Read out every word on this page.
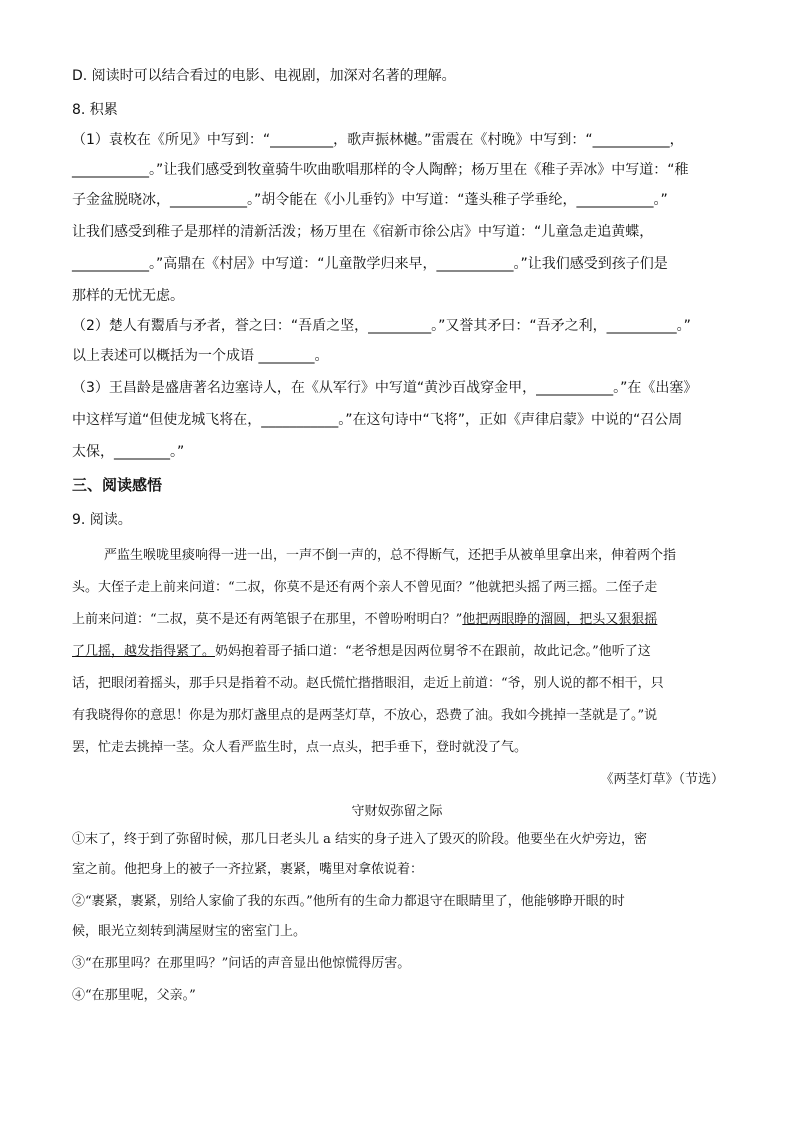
D. 阅读时可以结合看过的电影、电视剧，加深对名著的理解。
8. 积累
（1）袁枚在《所见》中写到：“_________，歌声振林樾。”雷震在《村晚》中写到：“___________，
___________。”让我们感受到牧童骑牛吹曲歌唱那样的令人陶醉；杨万里在《稚子弄冰》中写道：“稚
子金盆脱晓冰，___________。”胡令能在《小儿垂钓》中写道：“蓬头稚子学垂纶，___________。”
让我们感受到稚子是那样的清新活泼；杨万里在《宿新市徐公店》中写道：“儿童急走追黄蝶，
___________。”高鼎在《村居》中写道：“儿童散学归来早，___________。”让我们感受到孩子们是
那样的无忧无虑。
（2）楚人有鬻盾与矛者，誉之曰：“吾盾之坚，_________。”又誉其矛曰：“吾矛之利，__________。”
以上表述可以概括为一个成语 ________。
（3）王昌龄是盛唐著名边塞诗人，在《从军行》中写道“黄沙百战穿金甲，___________。”在《出塞》
中这样写道“但使龙城飞将在，___________。”在这句诗中“飞将”，正如《声律启蒙》中说的“召公周
太保，________。”
三、阅读感悟
9. 阅读。
严监生喉咙里痰响得一进一出，一声不倒一声的，总不得断气，还把手从被单里拿出来，伸着两个指
头。大侄子走上前来问道：“二叔，你莫不是还有两个亲人不曾见面？”他就把头摇了两三摇。二侄子走
上前来问道：“二叔，莫不是还有两笔银子在那里，不曾吩咐明白？”他把两眼睁的溜圆，把头又狠狠摇
了几摇，越发指得紧了。奶妈抱着哥子插口道：“老爷想是因两位舅爷不在跟前，故此记念。”他听了这
话，把眼闭着摇头，那手只是指着不动。赵氏慌忙揩揩眼泪，走近上前道：“爷，别人说的都不相干，只
有我晓得你的意思！你是为那灯盏里点的是两茎灯草，不放心，恐费了油。我如今挑掉一茎就是了。”说
罢，忙走去挑掉一茎。众人看严监生时，点一点头，把手垂下，登时就没了气。
《两茎灯草》（节选）
守财奴弥留之际
①末了，终于到了弥留时候，那几日老头儿 a 结实的身子进入了毁灭的阶段。他要坐在火炉旁边，密
室之前。他把身上的被子一齐拉紧，裹紧，嘴里对拿侬说着：
②“裹紧，裹紧，别给人家偷了我的东西。”他所有的生命力都退守在眼睛里了，他能够睁开眼的时
候，眼光立刻转到满屋财宝的密室门上。
③“在那里吗？在那里吗？”问话的声音显出他惊慌得厉害。
④“在那里呢，父亲。”
